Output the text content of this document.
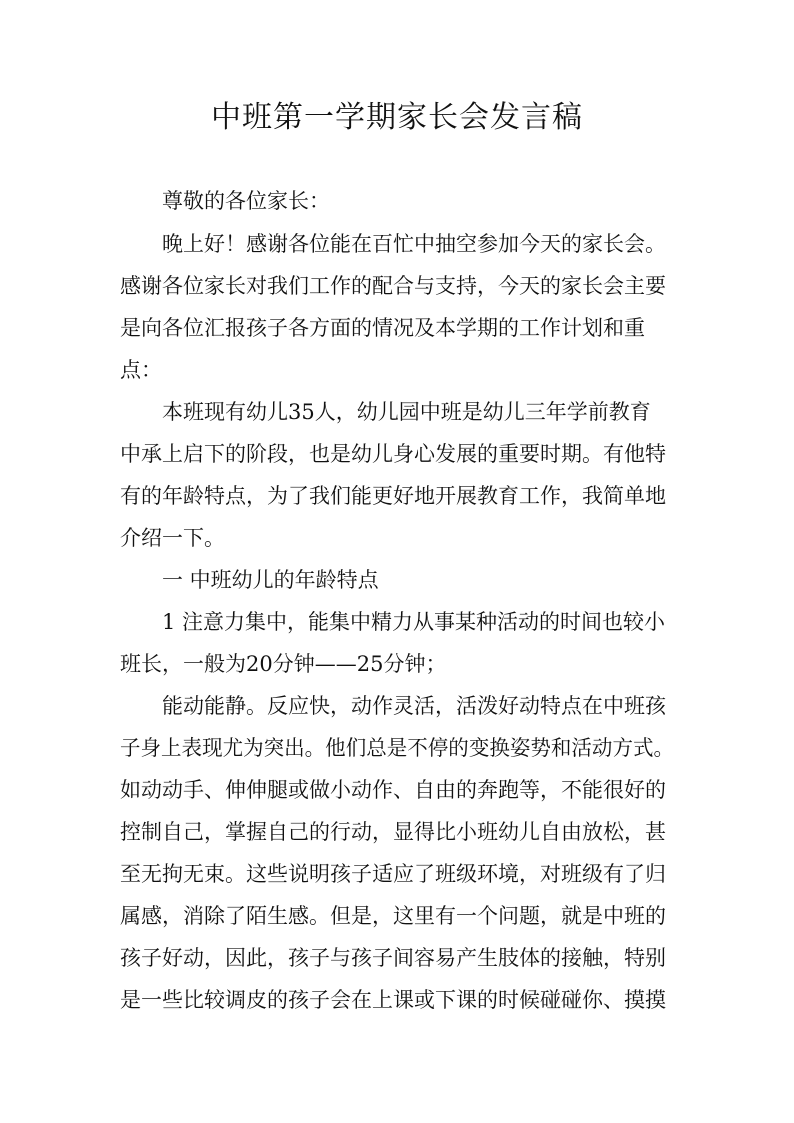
中班第一学期家长会发言稿
尊敬的各位家长：
晚上好！感谢各位能在百忙中抽空参加今天的家长会。
感谢各位家长对我们工作的配合与支持，今天的家长会主要
是向各位汇报孩子各方面的情况及本学期的工作计划和重
点：
本班现有幼儿35人，幼儿园中班是幼儿三年学前教育
中承上启下的阶段，也是幼儿身心发展的重要时期。有他特
有的年龄特点，为了我们能更好地开展教育工作，我简单地
介绍一下。
一 中班幼儿的年龄特点
1 注意力集中，能集中精力从事某种活动的时间也较小
班长，一般为20分钟——25分钟；
能动能静。反应快，动作灵活，活泼好动特点在中班孩
子身上表现尤为突出。他们总是不停的变换姿势和活动方式。
如动动手、伸伸腿或做小动作、自由的奔跑等，不能很好的
控制自己，掌握自己的行动，显得比小班幼儿自由放松，甚
至无拘无束。这些说明孩子适应了班级环境，对班级有了归
属感，消除了陌生感。但是，这里有一个问题，就是中班的
孩子好动，因此，孩子与孩子间容易产生肢体的接触，特别
是一些比较调皮的孩子会在上课或下课的时候碰碰你、摸摸
